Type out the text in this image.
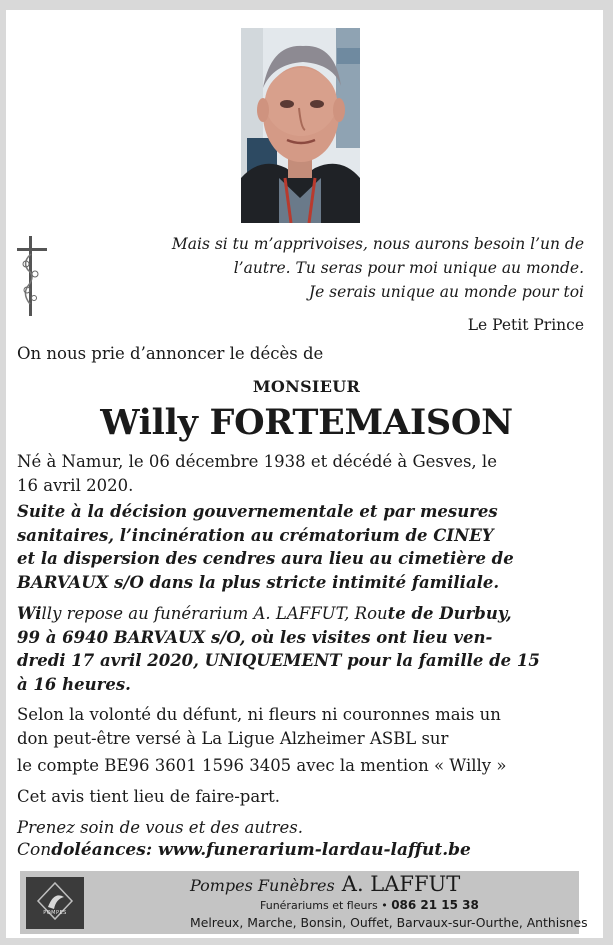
Mais si tu m’apprivoises, nous aurons besoin l’un de
l’autre. Tu seras pour moi unique au monde.
Je serais unique au monde pour toi
Le Petit Prince
On nous prie d’annoncer le décès de
MONSIEUR
Willy FORTEMAISON
Né à Namur, le 06 décembre 1938 et décédé à Gesves, le
16 avril 2020.
Suite à la décision gouvernementale et par mesures
sanitaires, l’incinération au crématorium de CINEY
et la dispersion des cendres aura lieu au cimetière de
BARVAUX s/O dans la plus stricte intimité familiale.
Willy repose au funérarium A. LAFFUT, Route de Durbuy,
99 à 6940 BARVAUX s/O, où les visites ont lieu ven-
dredi 17 avril 2020, UNIQUEMENT pour la famille de 15
à 16 heures.
Selon la volonté du défunt, ni fleurs ni couronnes mais un
don peut-être versé à La Ligue Alzheimer ASBL sur
le compte BE96 3601 1596 3405 avec la mention « Willy »
Cet avis tient lieu de faire-part.
Prenez soin de vous et des autres.
Condoléances: www.funerarium-lardau-laffut.be
POMPES
Pompes Funèbres A. LAFFUT
Funérariums et fleurs • 086 21 15 38
Melreux, Marche, Bonsin, Ouffet, Barvaux-sur-Ourthe, Anthisnes
